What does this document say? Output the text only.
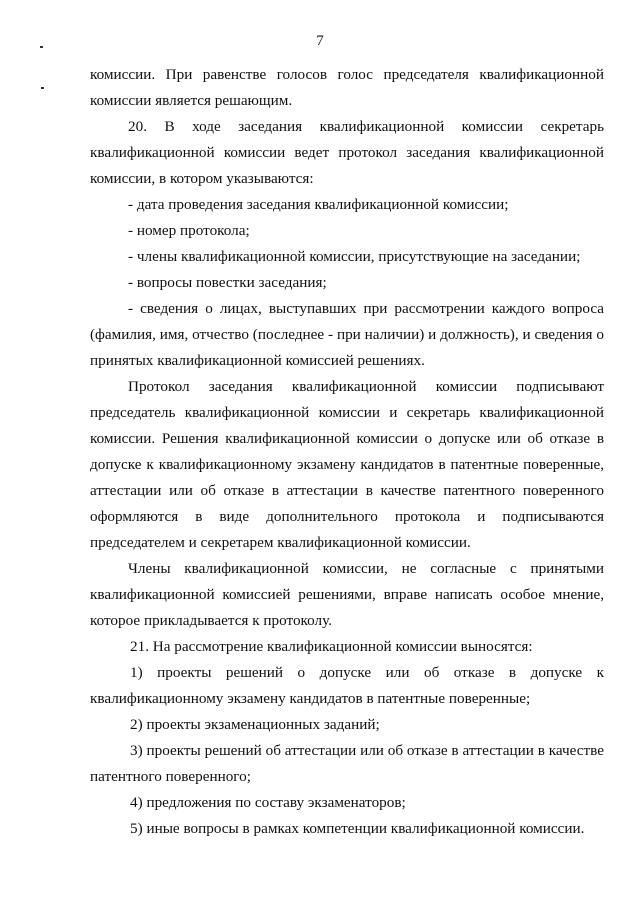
7

комиссии. При равенстве голосов голос председателя квалификационной комиссии является решающим.

20. В ходе заседания квалификационной комиссии секретарь квалификационной комиссии ведет протокол заседания квалификационной комиссии, в котором указываются:

- дата проведения заседания квалификационной комиссии;

- номер протокола;

- члены квалификационной комиссии, присутствующие на заседании;

- вопросы повестки заседания;

- сведения о лицах, выступавших при рассмотрении каждого вопроса (фамилия, имя, отчество (последнее - при наличии) и должность), и сведения о принятых квалификационной комиссией решениях.

Протокол заседания квалификационной комиссии подписывают председатель квалификационной комиссии и секретарь квалификационной комиссии. Решения квалификационной комиссии о допуске или об отказе в допуске к квалификационному экзамену кандидатов в патентные поверенные, аттестации или об отказе в аттестации в качестве патентного поверенного оформляются в виде дополнительного протокола и подписываются председателем и секретарем квалификационной комиссии.

Члены квалификационной комиссии, не согласные с принятыми квалификационной комиссией решениями, вправе написать особое мнение, которое прикладывается к протоколу.

21. На рассмотрение квалификационной комиссии выносятся:

1) проекты решений о допуске или об отказе в допуске к квалификационному экзамену кандидатов в патентные поверенные;

2) проекты экзаменационных заданий;

3) проекты решений об аттестации или об отказе в аттестации в качестве патентного поверенного;

4) предложения по составу экзаменаторов;

5) иные вопросы в рамках компетенции квалификационной комиссии.
